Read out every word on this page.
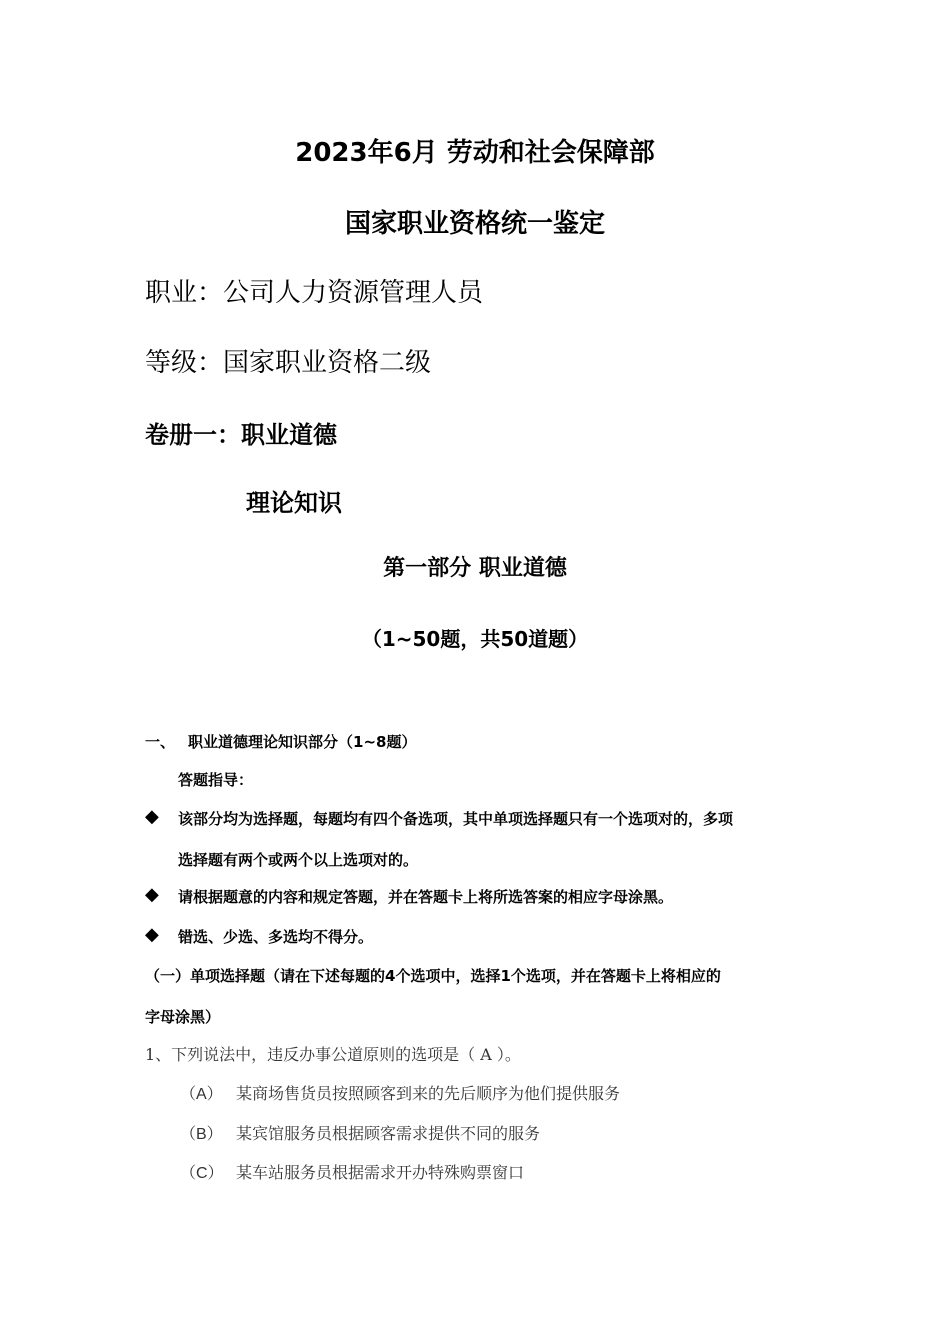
2023年6月 劳动和社会保障部
国家职业资格统一鉴定
职业：公司人力资源管理人员
等级：国家职业资格二级
卷册一：职业道德
理论知识
第一部分 职业道德
（1~50题，共50道题）
一、 职业道德理论知识部分（1~8题）
答题指导：
◆ 该部分均为选择题，每题均有四个备选项，其中单项选择题只有一个选项对的，多项
选择题有两个或两个以上选项对的。
◆ 请根据题意的内容和规定答题，并在答题卡上将所选答案的相应字母涂黑。
◆ 错选、少选、多选均不得分。
（一）单项选择题（请在下述每题的4个选项中，选择1个选项，并在答题卡上将相应的
字母涂黑）
1、下列说法中，违反办事公道原则的选项是（ A ）。
（A） 某商场售货员按照顾客到来的先后顺序为他们提供服务
（B） 某宾馆服务员根据顾客需求提供不同的服务
（C） 某车站服务员根据需求开办特殊购票窗口
